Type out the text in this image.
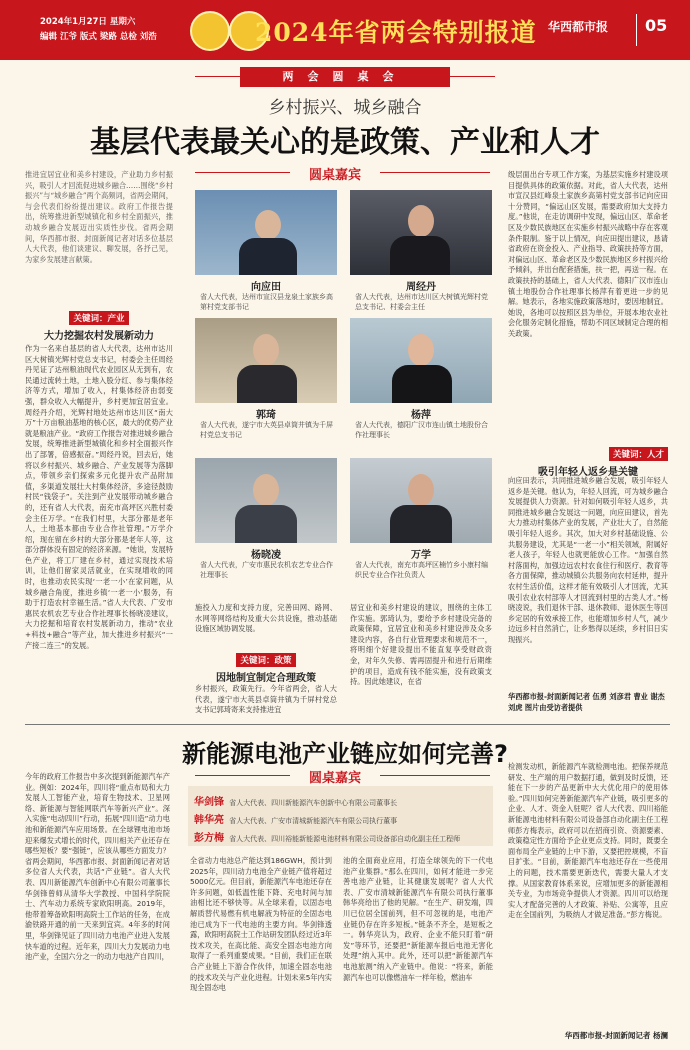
2024年1月27日 星期六
编辑 江爷 版式 梁路 总检 刘浩	2024年省两会特别报道 华西都市报 05
两会圆桌会
乡村振兴、城乡融合
基层代表最关心的是政策、产业和人才
推进宜居宜业和美乡村建设，产业助力乡村振兴，吸引人才回流促进城乡融合……围绕“乡村振兴”与“城乡融合”两个高频词，省两会期间，与会代表们纷纷提出建议。政府工作报告提出，统筹推进新型城镇化和乡村全面振兴，推动城乡融合发展迈出实质性步伐。省两会期间，华西都市报、封面新闻记者对话多位基层人大代表，他们谈建议、聊发展，各抒己见，为家乡发展建言献策。
关键词：产业
大力挖掘农村发展新动力
作为一名来自基层的省人大代表，达州市达川区大树镇光辉村党总支书记，村委会主任周经丹见证了达州粮油现代农业园区从无到有，农民通过流转土地，土地入股分红、参与集体经济等方式，增加了收入，村集体经济由弱变强，群众收入大幅提升，乡村更加宜居宜业。周经丹介绍，光辉村地处达州市达川区“南大万”十万亩粮油基地的核心区，最大的优势产业就是粮油产业。“政府工作报告对推进城乡融合发展，统筹推进新型城镇化和乡村全面振兴作出了部署，倍感振奋。”周经丹说，回去后，她将以乡村振兴、城乡融合、产业发展等为落脚点，带领乡亲们探索多元化提升农产品附加值，多渠道发展壮大村集体经济，多途径鼓励村民“钱袋子”。关注到产业发展带动城乡融合的，还有省人大代表，南充市高坪区兴胜村委会主任万学。“在我们村里，大部分都是老年人，土地基本都由专业合作社管理。”万学介绍，现在留在乡村的大部分都是老年人等，这部分群体没有固定的经济来源。“她说，发展特色产业，将工厂建在乡村，通过实现技术培训，让他们留家灵活就业，在实现增收的同时，也推动农民实现‘一老一小’在家问题，从城乡融合角度，推进乡镇‘一老一小’服务，有助于打造农村幸福生活。”省人大代表、广安市惠民农机农艺专业合作社理事长杨晓凌建议，大力挖掘和培育农村发展新动力，推动“农业+科技+融合”等产业，加大推进乡村振兴“一产接二连三”的发展。
圆桌嘉宾
向应田
省人大代表，达州市宣汉县龙泉土家族乡高第村党支部书记
周经丹
省人大代表，达州市达川区大树镇光辉村党总支书记、村委会主任
郭琦
省人大代表，遂宁市大英县卓筒井镇为千屏村党总支书记
杨萍
省人大代表，德阳广汉市连山镇土地股份合作社理事长
杨晓凌
省人大代表，广安市惠民农机农艺专业合作社理事长
万学
省人大代表，南充市高坪区楠竹乡小康村编织民专业合作社负责人
施投入力度和支持力度，完善田网、路网、水网等网络结构及重大公共设施，推动基础设施区域协调发展。
关键词：政策
因地制宜制定合理政策
乡村振兴，政策先行。今年省两会，省人大代表，遂宁市大英县卓筒井镇为千屏村党总支书记郭琦寄来支持推进宜
居宜业和美乡村建设的建议，围绕的主体工作实施。郭琦认为，要给予乡村建设完备的政策保障，宜居宜业和美乡村建设涉及众多建设内容，各自行业管理要求和规范不一，将明细个好建设提出不能直复享受财政资金，对年久失修、需再固提升和进行后期维护的项目，造成有钱不能实施，没有政策支持。因此她建议，在省
级层面出台专项工作方案，为基层实施乡村建设项目提供具体的政策依据。对此，省人大代表，达州市宣汉县红峰泉土家族乡高第村党支部书记向应田十分赞同，“偏远山区发展，需要政府加大支持力度。”他说，在走访调研中发现，偏远山区、革命老区及少数民族地区在实施乡村振兴战略中存在客观条件限制。鉴于以上情况，向应田提出建议，恳请省政府在资金投入、产业指导、政策扶持等方面，对偏远山区、革命老区及少数民族地区乡村振兴给予倾斜，并出台配套措施，扶一把，再送一程。在政策扶持的基础上，省人大代表、德阳广汉市连山镇土地股份合作社理事长杨萍有着更进一步的见解。她表示，各地实施政策落地时，要因地制宜。她说，各地可以按照区县为单位，开展本地农业社会化服务定制化措施，帮助不同区域制定合理的相关政策。
关键词：人才
吸引年轻人返乡是关键
向应田表示，共同推进城乡融合发展，吸引年轻人返乡是关键。他认为，年轻人回流，可为城乡融合发展提供人力资源。针对如何吸引年轻人返乡，共同推进城乡融合发展这一问题，向应田建议，首先大力推动村集体产业的发展，产业壮大了，自然能吸引年轻人返乡。其次，加大对乡村基础设施、公共服务建设，尤其是“一老一小”相关领域，附属好老人孩子，年轻人也就更能放心工作。“加强自然村落面构，加强边远农村农食住行和医疗、教育等各方面保障，推动城镇公共服务向农村延伸，提升农村生活价值，这样才能有效吸引人才回流，尤其吸引农业农村部等人才回流到村里的古类人才。”杨晓凌说，我们退休干部、退休教师、退休医生等回乡定居的有效承接工作，也能增加乡村人气，减少边远乡村自然消亡，让乡愁得以延续，乡村旧日实现振兴。
华西都市报-封面新闻记者 伍勇 刘彦君 曹业 谢杰 刘虎 图片由受访者提供
新能源电池产业链应如何完善?
今年的政府工作报告中多次提到新能源汽车产业。例如：2024年，四川将“重点布局和大力发展人工智能产业，培育生物技术、卫星网络、新能源与智能网联汽车等新兴产业”。深入实施“电动四川”行动，拓展“四川造”动力电池和新能源汽车应用场景。在全球锂电池市场迎来爆发式增长的时代，四川相关产业还存在哪些短板？要“强链”，应该从哪些方面发力？省两会期间，华西都市报、封面新闻记者对话多位省人大代表，共话“产业链”。省人大代表、四川新能源汽车创新中心有限公司董事长华剑锋曾师从清华大学教授、中国科学院院士、汽车动力系统专家欧阳明高。2019年，他带着筹备欧阳明高院士工作站的任务，在成渝铁路开通的前一天来到宜宾。4年多的时间里，华剑锋见证了四川动力电池产业进入发展快车道的过程。近年来，四川大力发展动力电池产业，全国六分之一的动力电池产自四川，
圆桌嘉宾
华剑锋 省人大代表、四川新能源汽车创新中心有限公司董事长
韩华亮 省人大代表、广安市清城新能源汽车有限公司执行董事
彭方梅 省人大代表、四川裕能新能源电池材料有限公司设备部自动化副主任工程师
全省动力电池总产能达到186GWH，预计到2025年，四川动力电池全产业链产值将超过5000亿元。但目前，新能源汽车电池还存在许多问题，如低温性能下降、充电时间与加油相比还不够快等。从全球来看，以固态电解质替代易燃有机电解液为特征的全固态电池已成为下一代电池的主要方向。华剑锋透露，欧阳明高院士工作站研发团队经过近3年技术攻关，在高比能、高安全固态电池方向取得了一系列重要成果。“目前，我们正在联合产业链上下游合作伙伴，加速全固态电池的技术攻关与产业化进程。计划未来5年内实现全固态电
池的全面商业应用，打造全球领先的下一代电池产业集群。”那么在四川，如何才能进一步完善电池产业链，让其健康发展呢？省人大代表、广安市清城新能源汽车有限公司执行董事韩华亮给出了他的见解。“在生产、研发端，四川已位居全国前列，但不可忽视的是，电池产业链仍存在许多短板。”链条不齐全，是短板之一。韩华亮认为，政府、企业不能只盯着“研发”等环节，还要把“新能源车报后电池无害化处理”纳入其中。此外，还可以把“新能源汽车电池旅测”纳入产业链中。他说：“将来，新能源汽车也可以像燃油车一样年检，燃油车
检测发动机，新能源汽车就检测电池。把保养规范研发、生产端的用户数据打通，做到及时反馈，还能在下一步的产品更新中大大优化用户的使用体验。”四川如何完善新能源汽车产业链，吸引更多的企业、人才、资金入驻呢？省人大代表、四川裕能新能源电池材料有限公司设备部自动化副主任工程师彭方梅表示，政府可以在招商引资、资源要素、政策稳定性方面给予企业更点支持。同时，既要全面布局全产业链的上中下游，又要把控规模，不盲目扩张。“目前，新能源汽车电池还存在一些使用上的问题，技术需要更新迭代，需要大量人才支撑。从国家教育体系来说，应增加更多的新能源相关专业，为市场竞争提供人才资源。四川可以给现实人才配备完善的人才政策、补贴、公寓等，且应走在全国前列，为吸纳人才做足准备。”彭方梅说。
华西都市报-封面新闻记者 杨澜
